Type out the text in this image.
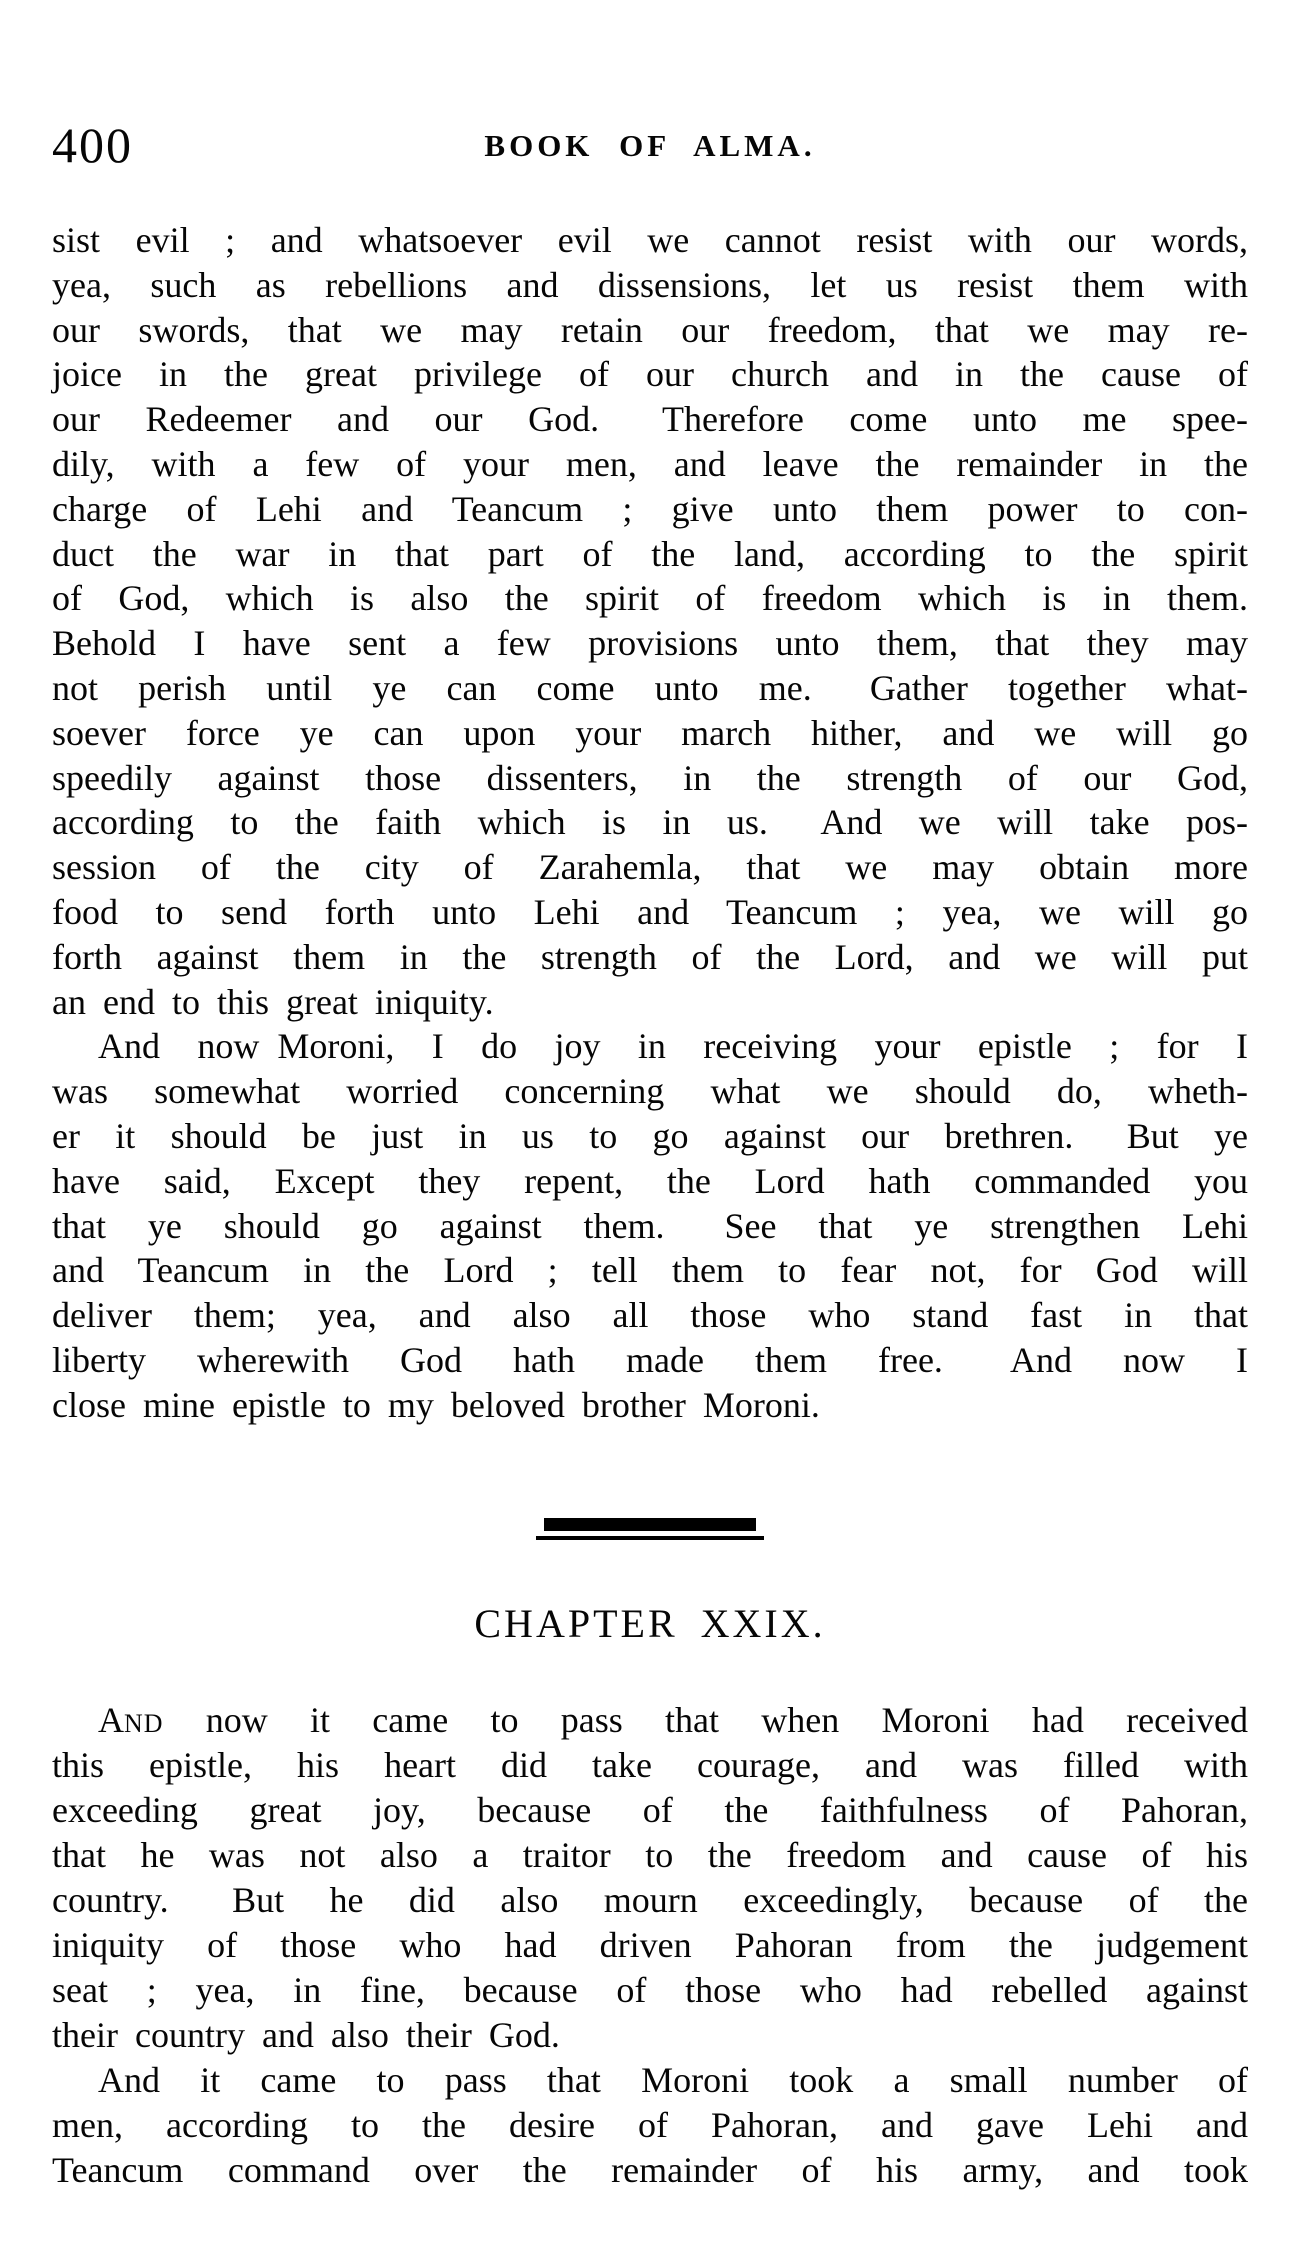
400	BOOK OF ALMA.
sist evil ; and whatsoever evil we cannot resist with our words,
yea, such as rebellions and dissensions, let us resist them with
our swords, that we may retain our freedom, that we may re-
joice in the great privilege of our church and in the cause of
our Redeemer and our God.  Therefore come unto me spee-
dily, with a few of your men, and leave the remainder in the
charge of Lehi and Teancum ; give unto them power to con-
duct the war in that part of the land, according to the spirit
of God, which is also the spirit of freedom which is in them.
Behold I have sent a few provisions unto them, that they may
not perish until ye can come unto me.  Gather together what-
soever force ye can upon your march hither, and we will go
speedily against those dissenters, in the strength of our God,
according to the faith which is in us.  And we will take pos-
session of the city of Zarahemla, that we may obtain more
food to send forth unto Lehi and Teancum ; yea, we will go
forth against them in the strength of the Lord, and we will put
an end to this great iniquity.
And now Moroni, I do joy in receiving your epistle ; for I
was somewhat worried concerning what we should do, wheth-
er it should be just in us to go against our brethren.  But ye
have said, Except they repent, the Lord hath commanded you
that ye should go against them.  See that ye strengthen Lehi
and Teancum in the Lord ; tell them to fear not, for God will
deliver them; yea, and also all those who stand fast in that
liberty wherewith God hath made them free.  And now I
close mine epistle to my beloved brother Moroni.
CHAPTER XXIX.
AND now it came to pass that when Moroni had received
this epistle, his heart did take courage, and was filled with
exceeding great joy, because of the faithfulness of Pahoran,
that he was not also a traitor to the freedom and cause of his
country.  But he did also mourn exceedingly, because of the
iniquity of those who had driven Pahoran from the judgement
seat ; yea, in fine, because of those who had rebelled against
their country and also their God.
And it came to pass that Moroni took a small number of
men, according to the desire of Pahoran, and gave Lehi and
Teancum command over the remainder of his army, and took
